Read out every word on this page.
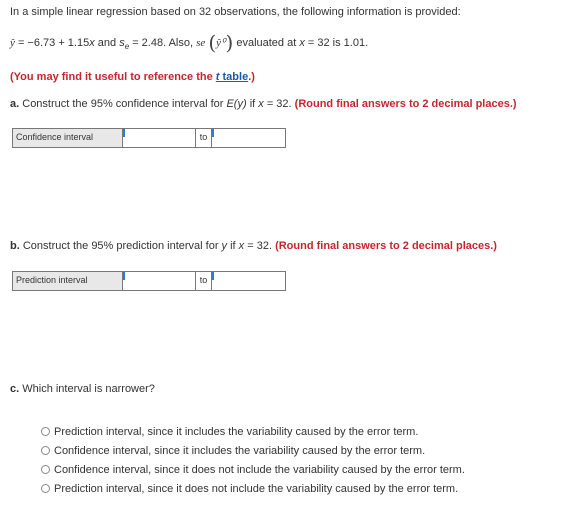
In a simple linear regression based on 32 observations, the following information is provided:
ŷ = −6.73 + 1.15x and $s_e = 2.48$. Also, se (ŷ⁰) evaluated at x = 32 is 1.01.
(You may find it useful to reference the t table.)
a. Construct the 95% confidence interval for E(y) if x = 32. (Round final answers to 2 decimal places.)
Confidence interval	to
b. Construct the 95% prediction interval for y if x = 32. (Round final answers to 2 decimal places.)
Prediction interval	to
c. Which interval is narrower?
Prediction interval, since it includes the variability caused by the error term.
Confidence interval, since it includes the variability caused by the error term.
Confidence interval, since it does not include the variability caused by the error term.
Prediction interval, since it does not include the variability caused by the error term.
